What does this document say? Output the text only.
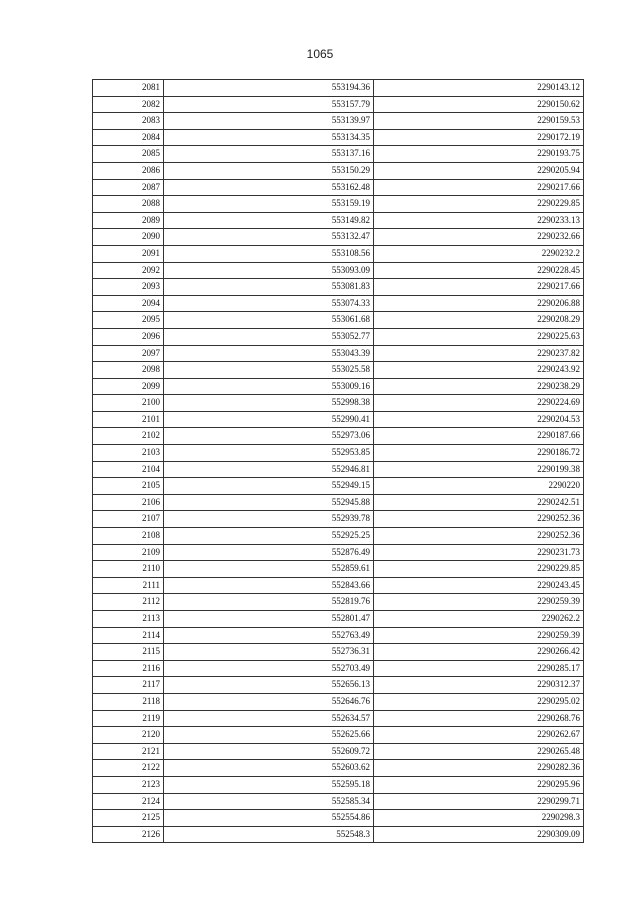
1065
2081	553194.36	2290143.12
2082	553157.79	2290150.62
2083	553139.97	2290159.53
2084	553134.35	2290172.19
2085	553137.16	2290193.75
2086	553150.29	2290205.94
2087	553162.48	2290217.66
2088	553159.19	2290229.85
2089	553149.82	2290233.13
2090	553132.47	2290232.66
2091	553108.56	2290232.2
2092	553093.09	2290228.45
2093	553081.83	2290217.66
2094	553074.33	2290206.88
2095	553061.68	2290208.29
2096	553052.77	2290225.63
2097	553043.39	2290237.82
2098	553025.58	2290243.92
2099	553009.16	2290238.29
2100	552998.38	2290224.69
2101	552990.41	2290204.53
2102	552973.06	2290187.66
2103	552953.85	2290186.72
2104	552946.81	2290199.38
2105	552949.15	2290220
2106	552945.88	2290242.51
2107	552939.78	2290252.36
2108	552925.25	2290252.36
2109	552876.49	2290231.73
2110	552859.61	2290229.85
2111	552843.66	2290243.45
2112	552819.76	2290259.39
2113	552801.47	2290262.2
2114	552763.49	2290259.39
2115	552736.31	2290266.42
2116	552703.49	2290285.17
2117	552656.13	2290312.37
2118	552646.76	2290295.02
2119	552634.57	2290268.76
2120	552625.66	2290262.67
2121	552609.72	2290265.48
2122	552603.62	2290282.36
2123	552595.18	2290295.96
2124	552585.34	2290299.71
2125	552554.86	2290298.3
2126	552548.3	2290309.09
